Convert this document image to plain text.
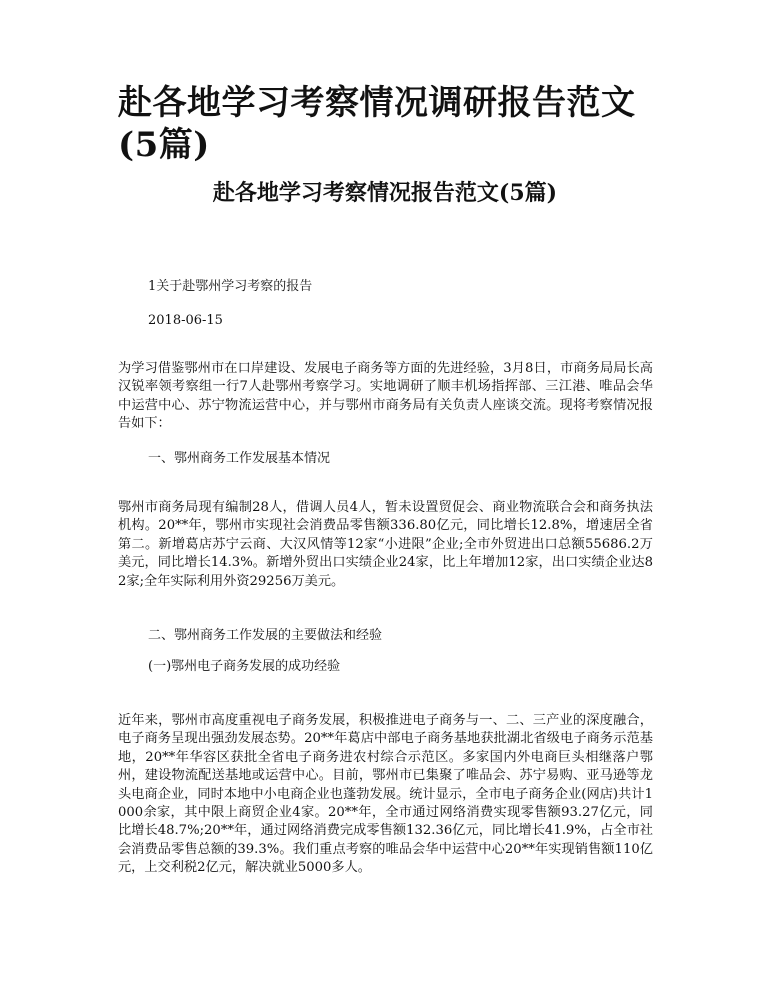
赴各地学习考察情况调研报告范文(5篇)
赴各地学习考察情况报告范文(5篇)

1关于赴鄂州学习考察的报告

2018-06-15

为学习借鉴鄂州市在口岸建设、发展电子商务等方面的先进经验，3月8日，市商务局局长高汉锐率领考察组一行7人赴鄂州考察学习。实地调研了顺丰机场指挥部、三江港、唯品会华中运营中心、苏宁物流运营中心，并与鄂州市商务局有关负责人座谈交流。现将考察情况报告如下：

一、鄂州商务工作发展基本情况

鄂州市商务局现有编制28人，借调人员4人，暂未设置贸促会、商业物流联合会和商务执法机构。20**年，鄂州市实现社会消费品零售额336.80亿元，同比增长12.8%，增速居全省第二。新增葛店苏宁云商、大汉风情等12家“小进限”企业;全市外贸进出口总额55686.2万美元，同比增长14.3%。新增外贸出口实绩企业24家，比上年增加12家，出口实绩企业达82家;全年实际利用外资29256万美元。

二、鄂州商务工作发展的主要做法和经验

(一)鄂州电子商务发展的成功经验

近年来，鄂州市高度重视电子商务发展，积极推进电子商务与一、二、三产业的深度融合，电子商务呈现出强劲发展态势。20**年葛店中部电子商务基地获批湖北省级电子商务示范基地，20**年华容区获批全省电子商务进农村综合示范区。多家国内外电商巨头相继落户鄂州，建设物流配送基地或运营中心。目前，鄂州市已集聚了唯品会、苏宁易购、亚马逊等龙头电商企业，同时本地中小电商企业也蓬勃发展。统计显示，全市电子商务企业(网店)共计1000余家，其中限上商贸企业4家。20**年，全市通过网络消费实现零售额93.27亿元，同比增长48.7%;20**年，通过网络消费完成零售额132.36亿元，同比增长41.9%，占全市社会消费品零售总额的39.3%。我们重点考察的唯品会华中运营中心20**年实现销售额110亿元，上交利税2亿元，解决就业5000多人。
